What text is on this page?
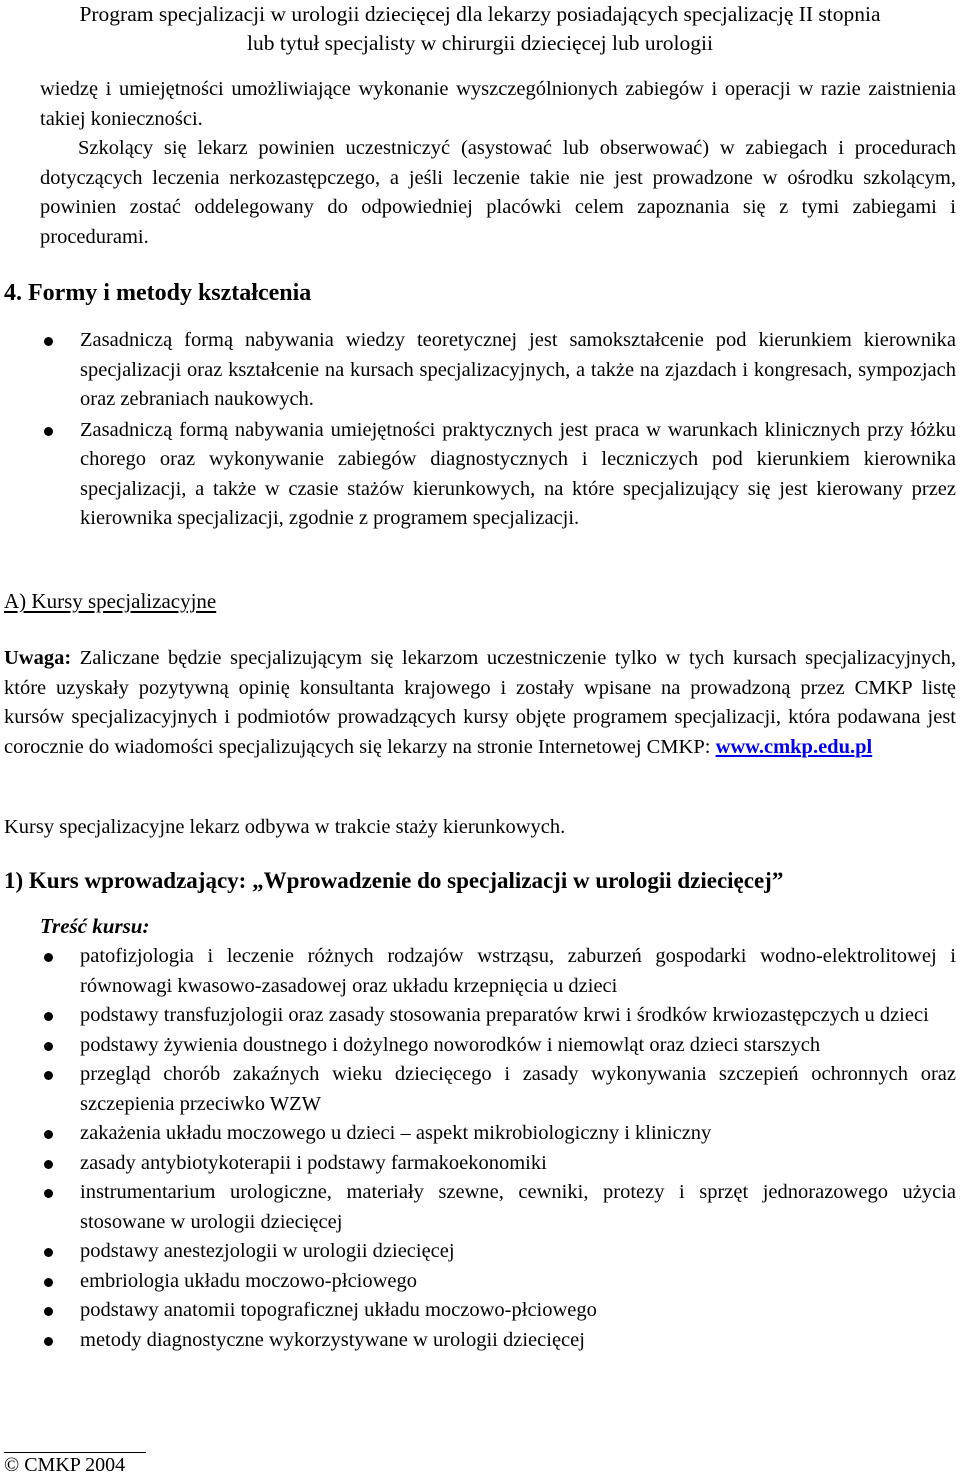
Program specjalizacji w urologii dziecięcej dla lekarzy posiadających specjalizację II stopnia
lub tytuł specjalisty w chirurgii dziecięcej lub urologii

wiedzę i umiejętności umożliwiające wykonanie wyszczególnionych zabiegów i operacji w razie zaistnienia takiej konieczności.

Szkolący się lekarz powinien uczestniczyć (asystować lub obserwować) w zabiegach i procedurach dotyczących leczenia nerkozastępczego, a jeśli leczenie takie nie jest prowadzone w ośrodku szkolącym, powinien zostać oddelegowany do odpowiedniej placówki celem zapoznania się z tymi zabiegami i procedurami.

4. Formy i metody kształcenia

Zasadniczą formą nabywania wiedzy teoretycznej jest samokształcenie pod kierunkiem kierownika specjalizacji oraz kształcenie na kursach specjalizacyjnych, a także na zjazdach i kongresach, sympozjach oraz zebraniach naukowych.

Zasadniczą formą nabywania umiejętności praktycznych jest praca w warunkach klinicznych przy łóżku chorego oraz wykonywanie zabiegów diagnostycznych i leczniczych pod kierunkiem kierownika specjalizacji, a także w czasie stażów kierunkowych, na które specjalizujący się jest kierowany przez kierownika specjalizacji, zgodnie z programem specjalizacji.

A) Kursy specjalizacyjne

Uwaga: Zaliczane będzie specjalizującym się lekarzom uczestniczenie tylko w tych kursach specjalizacyjnych, które uzyskały pozytywną opinię konsultanta krajowego i zostały wpisane na prowadzoną przez CMKP listę kursów specjalizacyjnych i podmiotów prowadzących kursy objęte programem specjalizacji, która podawana jest corocznie do wiadomości specjalizujących się lekarzy na stronie Internetowej CMKP: www.cmkp.edu.pl

Kursy specjalizacyjne lekarz odbywa w trakcie staży kierunkowych.

1) Kurs wprowadzający: „Wprowadzenie do specjalizacji w urologii dziecięcej”
Treść kursu:

patofizjologia i leczenie różnych rodzajów wstrząsu, zaburzeń gospodarki wodno-elektrolitowej i równowagi kwasowo-zasadowej oraz układu krzepnięcia u dzieci

podstawy transfuzjologii oraz zasady stosowania preparatów krwi i środków krwiozastępczych u dzieci

podstawy żywienia doustnego i dożylnego noworodków i niemowląt oraz dzieci starszych

przegląd chorób zakaźnych wieku dziecięcego i zasady wykonywania szczepień ochronnych oraz szczepienia przeciwko WZW

zakażenia układu moczowego u dzieci – aspekt mikrobiologiczny i kliniczny

zasady antybiotykoterapii i podstawy farmakoekonomiki

instrumentarium urologiczne, materiały szewne, cewniki, protezy i sprzęt jednorazowego użycia stosowane w urologii dziecięcej

podstawy anestezjologii w urologii dziecięcej

embriologia układu moczowo-płciowego

podstawy anatomii topograficznej układu moczowo-płciowego

metody diagnostyczne wykorzystywane w urologii dziecięcej

© CMKP 2004
